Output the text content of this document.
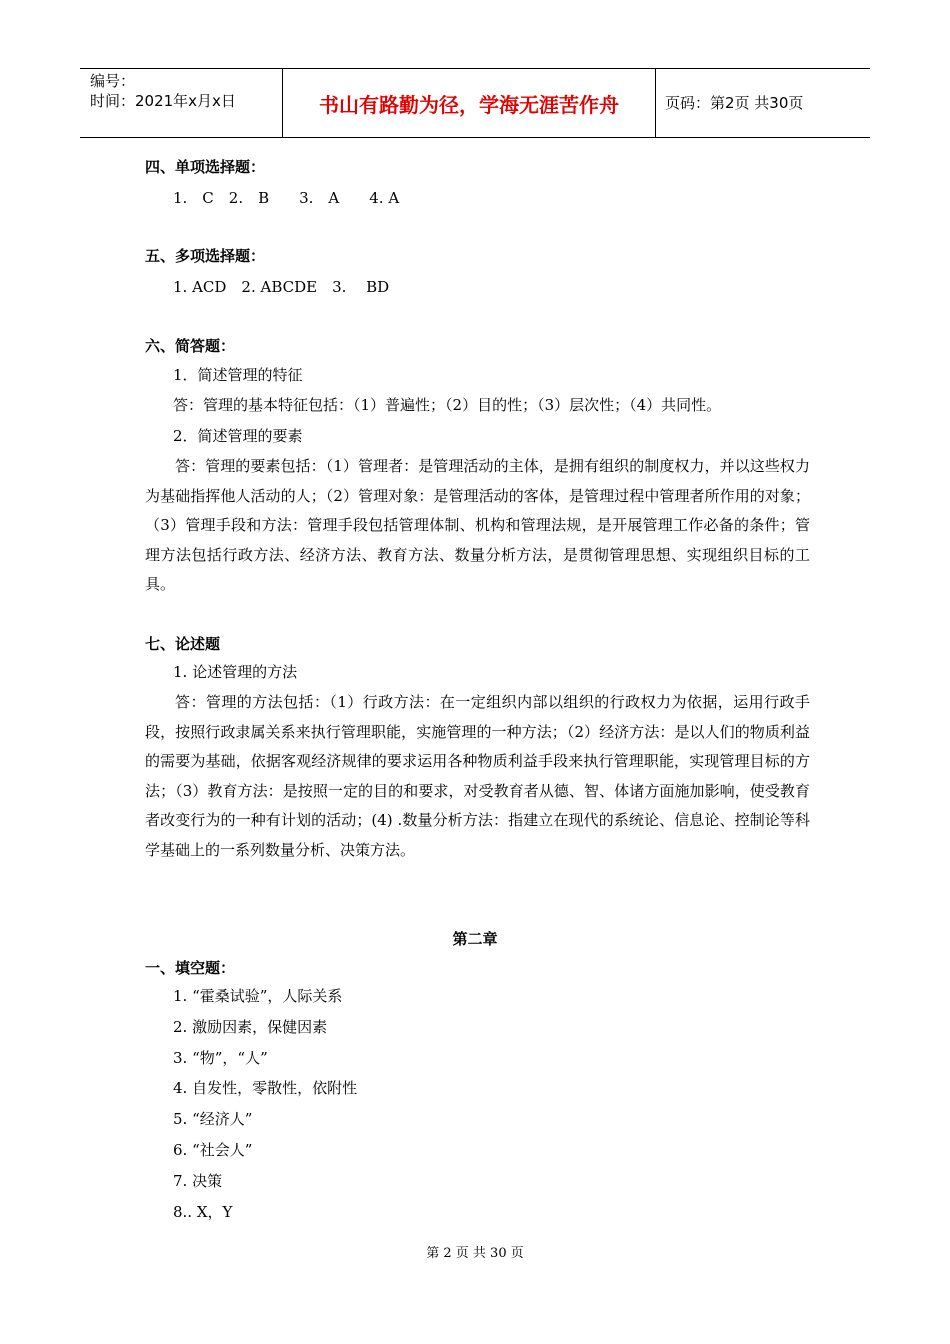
编号：
时间：2021年x月x日	书山有路勤为径，学海无涯苦作舟	页码：第2页 共30页
四、单项选择题：
1.　C　2.　B　　3.　A　　4. A
五、多项选择题：
1. ACD　2. ABCDE　3.　 BD
六、简答题：
1．简述管理的特征
答：管理的基本特征包括：（1）普遍性；（2）目的性；（3）层次性；（4）共同性。
2．简述管理的要素
答：管理的要素包括：（1）管理者：是管理活动的主体，是拥有组织的制度权力，并以这些权力为基础指挥他人活动的人；（2）管理对象：是管理活动的客体，是管理过程中管理者所作用的对象；（3）管理手段和方法：管理手段包括管理体制、机构和管理法规，是开展管理工作必备的条件；管理方法包括行政方法、经济方法、教育方法、数量分析方法，是贯彻管理思想、实现组织目标的工具。
七、论述题
1. 论述管理的方法
答：管理的方法包括：（1）行政方法：在一定组织内部以组织的行政权力为依据，运用行政手段，按照行政隶属关系来执行管理职能，实施管理的一种方法；（2）经济方法：是以人们的物质利益的需要为基础，依据客观经济规律的要求运用各种物质利益手段来执行管理职能，实现管理目标的方法；（3）教育方法：是按照一定的目的和要求，对受教育者从德、智、体诸方面施加影响，使受教育者改变行为的一种有计划的活动；(4) .数量分析方法：指建立在现代的系统论、信息论、控制论等科学基础上的一系列数量分析、决策方法。
第二章
一、填空题：
1. “霍桑试验”，人际关系
2. 激励因素，保健因素
3. “物”，“人”
4. 自发性，零散性，依附性
5. “经济人”
6. “社会人”
7. 决策
8.. X，Y
第 2 页 共 30 页
